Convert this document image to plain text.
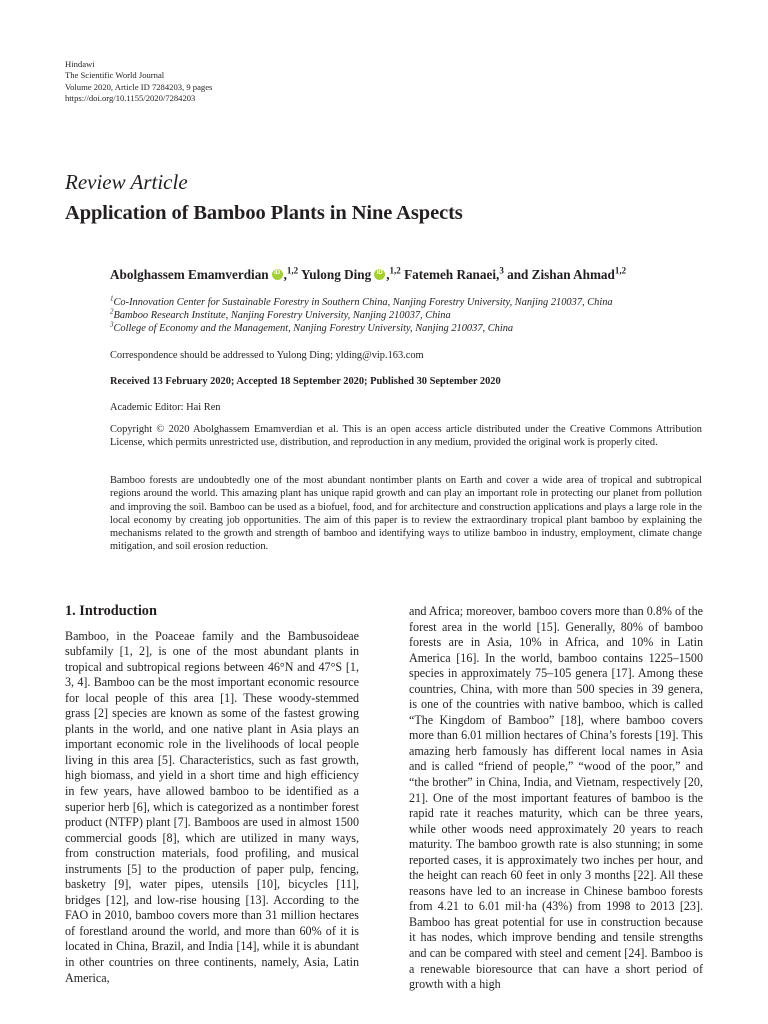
Hindawi
The Scientific World Journal
Volume 2020, Article ID 7284203, 9 pages
https://doi.org/10.1155/2020/7284203
Review Article
Application of Bamboo Plants in Nine Aspects
Abolghassem Emamverdian iD ,$^{1,2}$ Yulong Ding iD ,$^{1,2}$ Fatemeh Ranaei,$^3$ and Zishan Ahmad$^{1,2}$
$^1$Co-Innovation Center for Sustainable Forestry in Southern China, Nanjing Forestry University, Nanjing 210037, China
$^2$Bamboo Research Institute, Nanjing Forestry University, Nanjing 210037, China
$^3$College of Economy and the Management, Nanjing Forestry University, Nanjing 210037, China
Correspondence should be addressed to Yulong Ding; ylding@vip.163.com
Received 13 February 2020; Accepted 18 September 2020; Published 30 September 2020
Academic Editor: Hai Ren
Copyright © 2020 Abolghassem Emamverdian et al. This is an open access article distributed under the Creative Commons Attribution License, which permits unrestricted use, distribution, and reproduction in any medium, provided the original work is properly cited.
Bamboo forests are undoubtedly one of the most abundant nontimber plants on Earth and cover a wide area of tropical and subtropical regions around the world. This amazing plant has unique rapid growth and can play an important role in protecting our planet from pollution and improving the soil. Bamboo can be used as a biofuel, food, and for architecture and construction applications and plays a large role in the local economy by creating job opportunities. The aim of this paper is to review the extraordinary tropical plant bamboo by explaining the mechanisms related to the growth and strength of bamboo and identifying ways to utilize bamboo in industry, employment, climate change mitigation, and soil erosion reduction.
1. Introduction

Bamboo, in the Poaceae family and the Bambusoideae subfamily [1, 2], is one of the most abundant plants in tropical and subtropical regions between 46°N and 47°S [1, 3, 4]. Bamboo can be the most important economic resource for local people of this area [1]. These woody-stemmed grass [2] species are known as some of the fastest growing plants in the world, and one native plant in Asia plays an important economic role in the livelihoods of local people living in this area [5]. Characteristics, such as fast growth, high biomass, and yield in a short time and high efficiency in few years, have allowed bamboo to be identified as a superior herb [6], which is categorized as a nontimber forest product (NTFP) plant [7]. Bamboos are used in almost 1500 commercial goods [8], which are utilized in many ways, from construction materials, food profiling, and musical instruments [5] to the production of paper pulp, fencing, basketry [9], water pipes, utensils [10], bicycles [11], bridges [12], and low-rise housing [13]. According to the FAO in 2010, bamboo covers more than 31 million hectares of forestland around the world, and more than 60% of it is located in China, Brazil, and India [14], while it is abundant in other countries on three continents, namely, Asia, Latin America,

and Africa; moreover, bamboo covers more than 0.8% of the forest area in the world [15]. Generally, 80% of bamboo forests are in Asia, 10% in Africa, and 10% in Latin America [16]. In the world, bamboo contains 1225–1500 species in approximately 75–105 genera [17]. Among these countries, China, with more than 500 species in 39 genera, is one of the countries with native bamboo, which is called “The Kingdom of Bamboo” [18], where bamboo covers more than 6.01 million hectares of China’s forests [19]. This amazing herb famously has different local names in Asia and is called “friend of people,” “wood of the poor,” and “the brother” in China, India, and Vietnam, respectively [20, 21]. One of the most important features of bamboo is the rapid rate it reaches maturity, which can be three years, while other woods need approximately 20 years to reach maturity. The bamboo growth rate is also stunning; in some reported cases, it is approximately two inches per hour, and the height can reach 60 feet in only 3 months [22]. All these reasons have led to an increase in Chinese bamboo forests from 4.21 to 6.01 mil·ha (43%) from 1998 to 2013 [23]. Bamboo has great potential for use in construction because it has nodes, which improve bending and tensile strengths and can be compared with steel and cement [24]. Bamboo is a renewable bioresource that can have a short period of growth with a high
